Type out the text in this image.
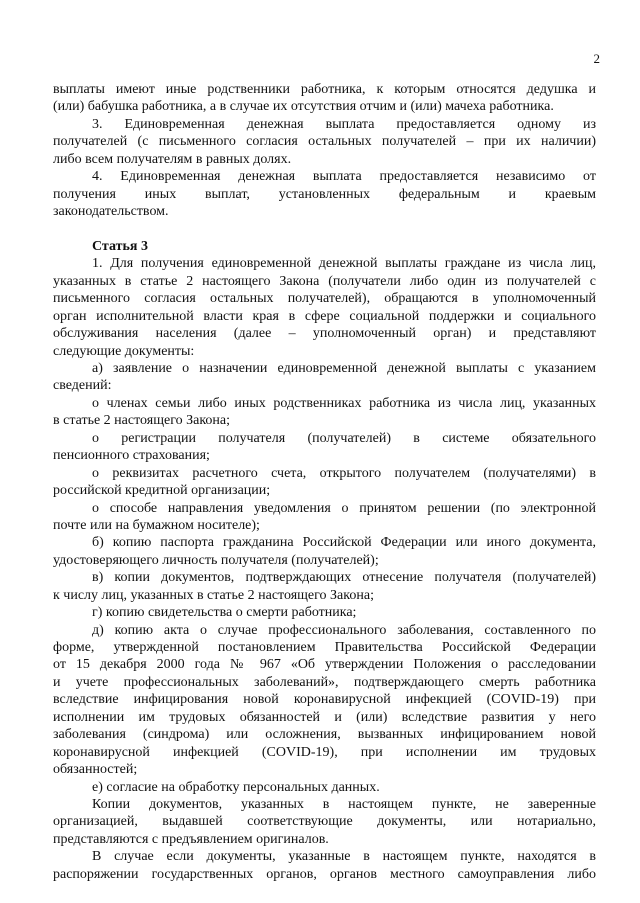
2
выплаты имеют иные родственники работника, к которым относятся дедушка и
(или) бабушка работника, а в случае их отсутствия отчим и (или) мачеха работника.
3. Единовременная денежная выплата предоставляется одному из
получателей (с письменного согласия остальных получателей – при их наличии)
либо всем получателям в равных долях.
4. Единовременная денежная выплата предоставляется независимо от
получения иных выплат, установленных федеральным и краевым
законодательством.
Статья 3
1. Для получения единовременной денежной выплаты граждане из числа лиц,
указанных в статье 2 настоящего Закона (получатели либо один из получателей с
письменного согласия остальных получателей), обращаются в уполномоченный
орган исполнительной власти края в сфере социальной поддержки и социального
обслуживания населения (далее – уполномоченный орган) и представляют
следующие документы:
а) заявление о назначении единовременной денежной выплаты с указанием
сведений:
о членах семьи либо иных родственниках работника из числа лиц, указанных
в статье 2 настоящего Закона;
о регистрации получателя (получателей) в системе обязательного
пенсионного страхования;
о реквизитах расчетного счета, открытого получателем (получателями) в
российской кредитной организации;
о способе направления уведомления о принятом решении (по электронной
почте или на бумажном носителе);
б) копию паспорта гражданина Российской Федерации или иного документа,
удостоверяющего личность получателя (получателей);
в) копии документов, подтверждающих отнесение получателя (получателей)
к числу лиц, указанных в статье 2 настоящего Закона;
г) копию свидетельства о смерти работника;
д) копию акта о случае профессионального заболевания, составленного по
форме, утвержденной постановлением Правительства Российской Федерации
от 15 декабря 2000 года № 967 «Об утверждении Положения о расследовании
и учете профессиональных заболеваний», подтверждающего смерть работника
вследствие инфицирования новой коронавирусной инфекцией (COVID-19) при
исполнении им трудовых обязанностей и (или) вследствие развития у него
заболевания (синдрома) или осложнения, вызванных инфицированием новой
коронавирусной инфекцией (COVID-19), при исполнении им трудовых
обязанностей;
е) согласие на обработку персональных данных.
Копии документов, указанных в настоящем пункте, не заверенные
организацией, выдавшей соответствующие документы, или нотариально,
представляются с предъявлением оригиналов.
В случае если документы, указанные в настоящем пункте, находятся в
распоряжении государственных органов, органов местного самоуправления либо
